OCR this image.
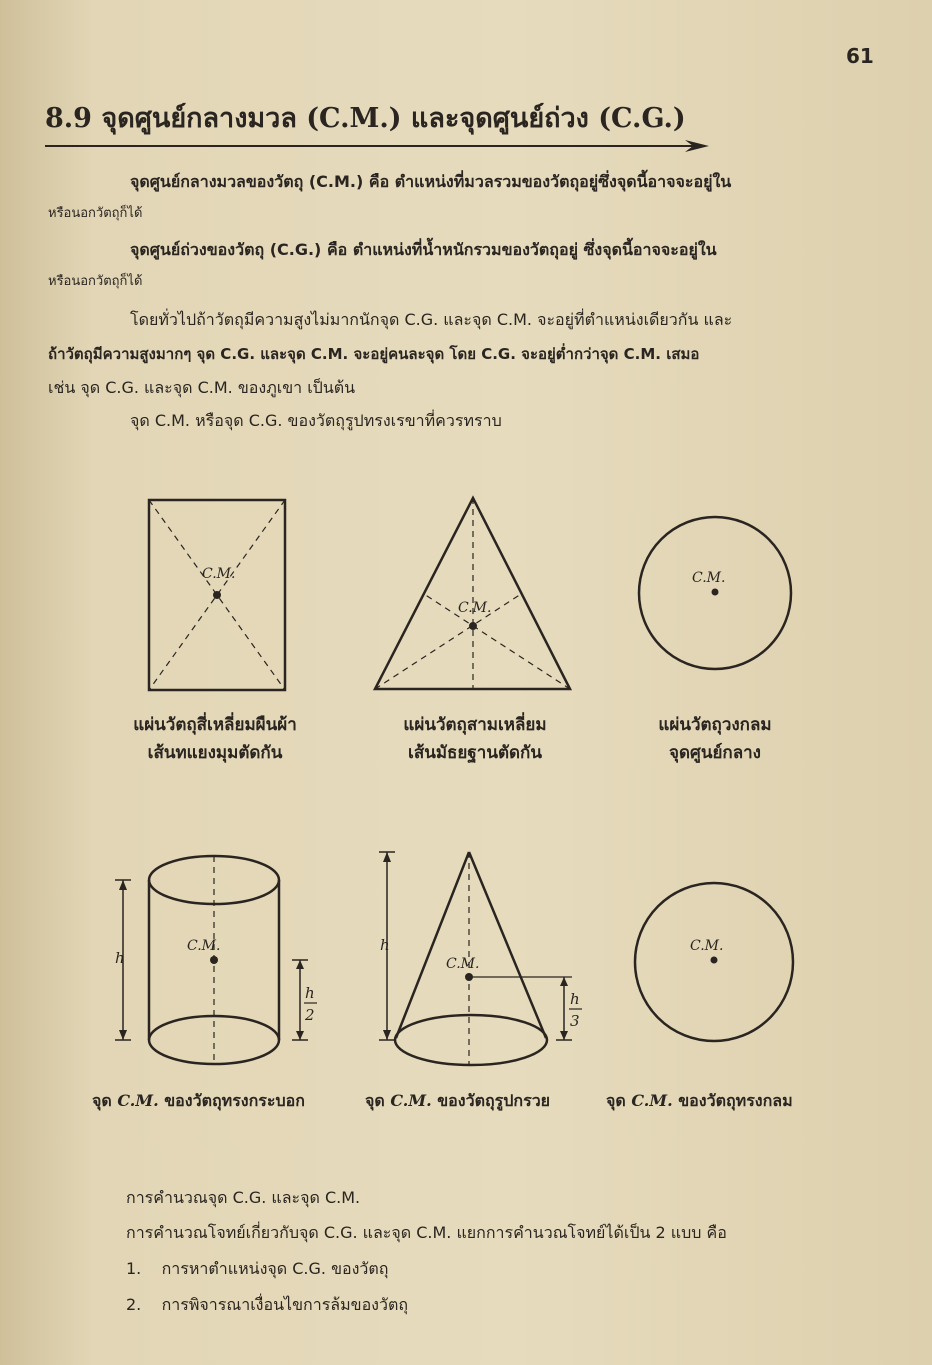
61
8.9 จุดศูนย์กลางมวล (C.M.) และจุดศูนย์ถ่วง (C.G.)
จุดศูนย์กลางมวลของวัตถุ (C.M.) คือ ตำแหน่งที่มวลรวมของวัตถุอยู่ซึ่งจุดนี้อาจจะอยู่ใน
หรือนอกวัตถุก็ได้
จุดศูนย์ถ่วงของวัตถุ (C.G.) คือ ตำแหน่งที่น้ำหนักรวมของวัตถุอยู่ ซึ่งจุดนี้อาจจะอยู่ใน
หรือนอกวัตถุก็ได้
โดยทั่วไปถ้าวัตถุมีความสูงไม่มากนักจุด C.G. และจุด C.M. จะอยู่ที่ตำแหน่งเดียวกัน และ
ถ้าวัตถุมีความสูงมากๆ จุด C.G. และจุด C.M. จะอยู่คนละจุด โดย C.G. จะอยู่ต่ำกว่าจุด C.M. เสมอ
เช่น จุด C.G. และจุด C.M. ของภูเขา เป็นต้น
จุด C.M. หรือจุด C.G. ของวัตถุรูปทรงเรขาที่ควรทราบ
C.M.
C.M.
C.M.
แผ่นวัตถุสี่เหลี่ยมผืนผ้า
เส้นทแยงมุมตัดกัน
แผ่นวัตถุสามเหลี่ยม
เส้นมัธยฐานตัดกัน
แผ่นวัตถุวงกลม
จุดศูนย์กลาง
C.M.
h
h
2
C.M.
h
h
3
C.M.
จุด C.M. ของวัตถุทรงกระบอก	จุด C.M. ของวัตถุรูปกรวย	จุด C.M. ของวัตถุทรงกลม
การคำนวณจุด C.G. และจุด C.M.
การคำนวณโจทย์เกี่ยวกับจุด C.G. และจุด C.M. แยกการคำนวณโจทย์ได้เป็น 2 แบบ คือ
1. การหาตำแหน่งจุด C.G. ของวัตถุ
2. การพิจารณาเงื่อนไขการล้มของวัตถุ
